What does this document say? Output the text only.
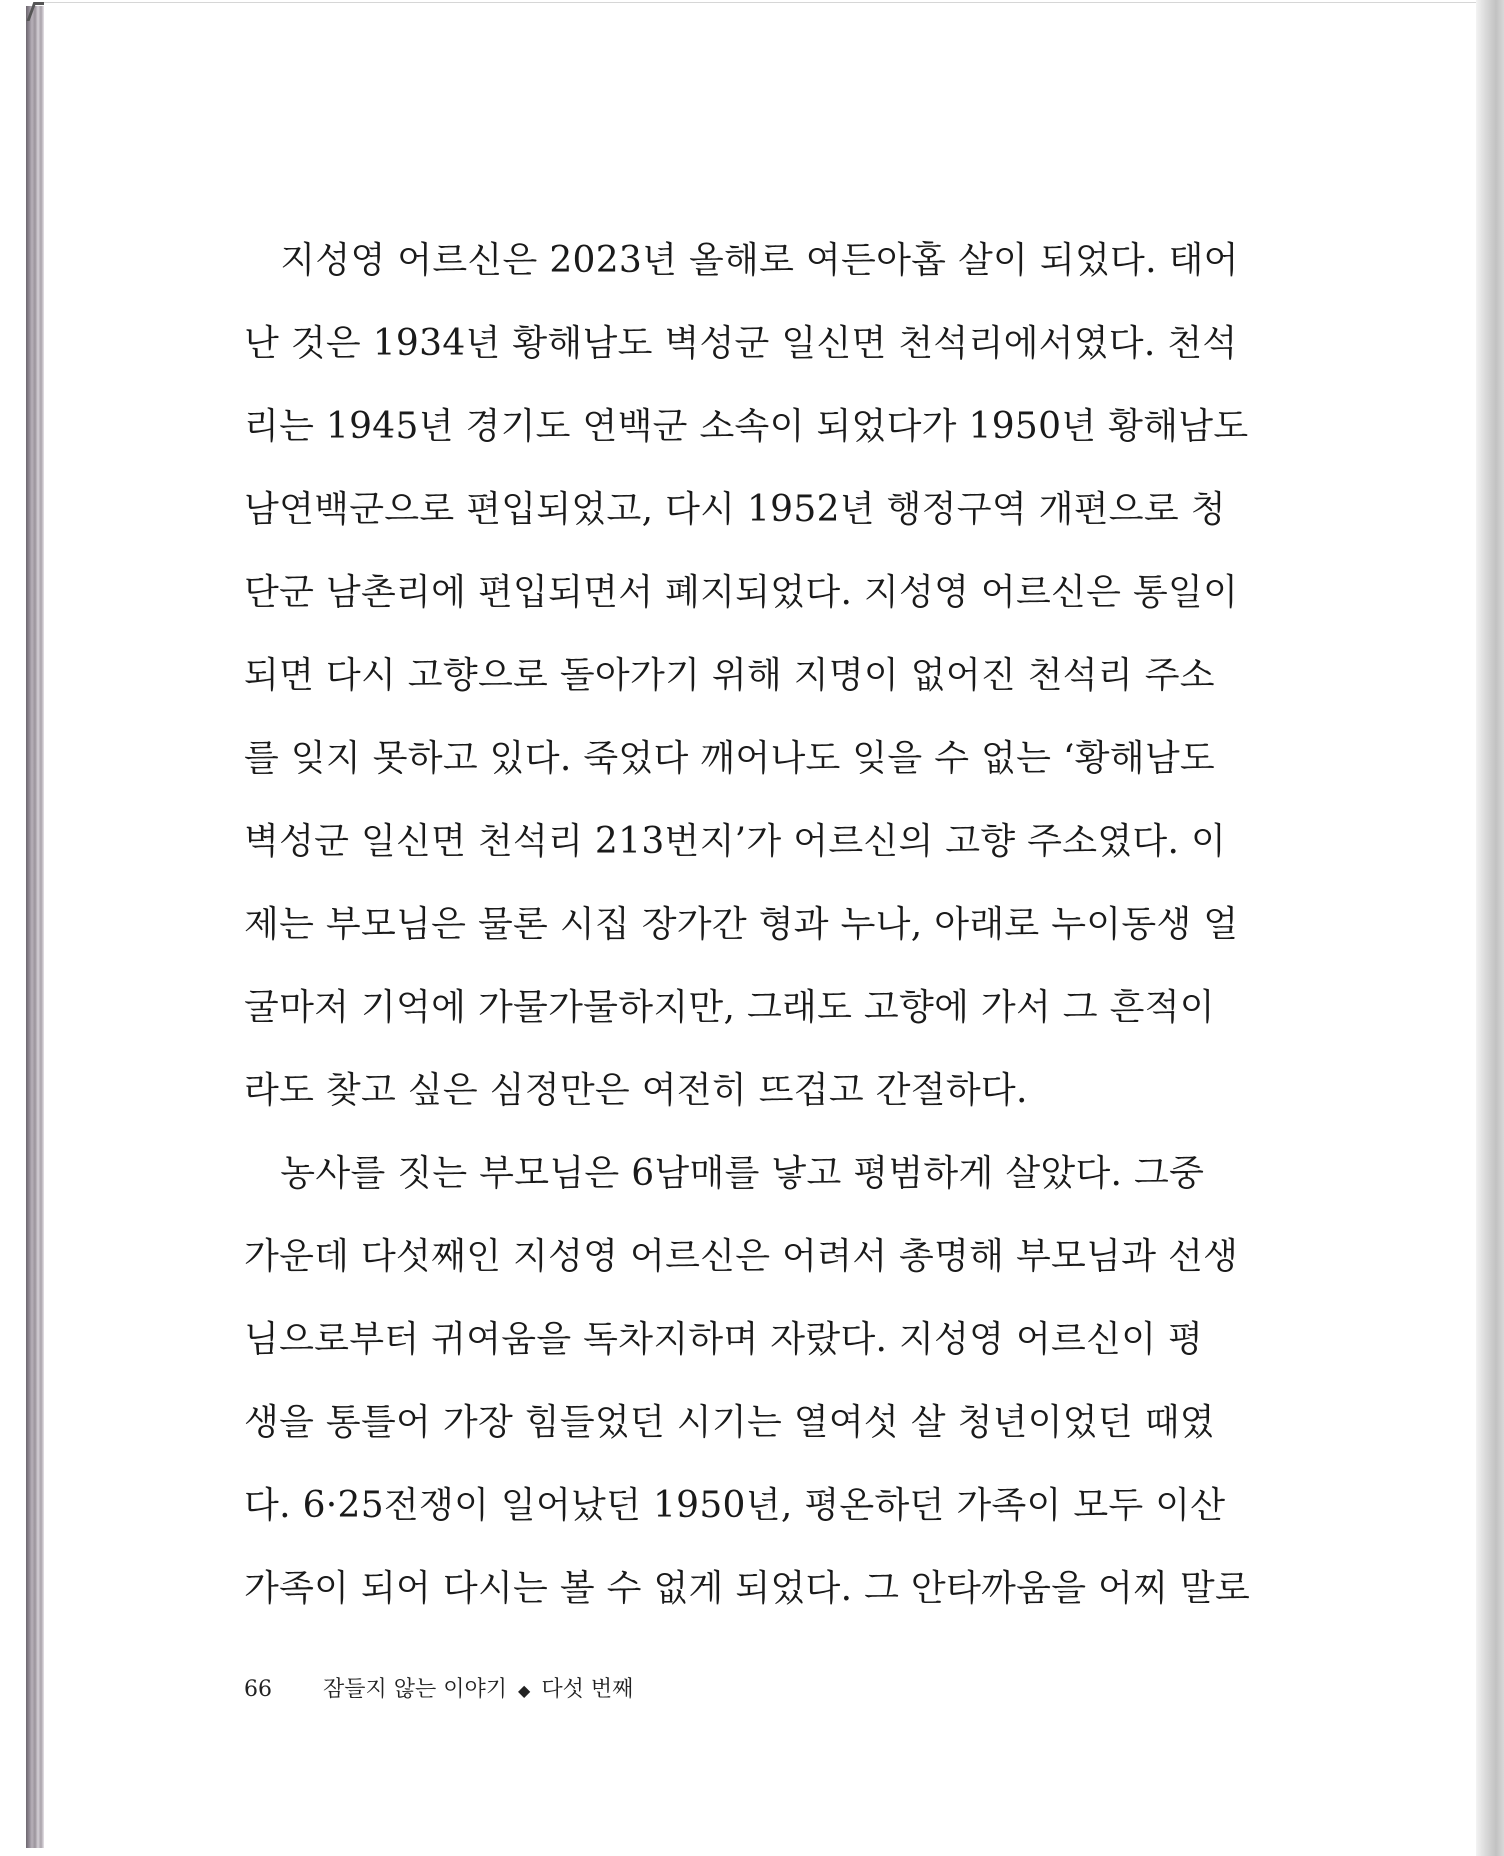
　지성영 어르신은 2023년 올해로 여든아홉 살이 되었다. 태어
난 것은 1934년 황해남도 벽성군 일신면 천석리에서였다. 천석
리는 1945년 경기도 연백군 소속이 되었다가 1950년 황해남도
남연백군으로 편입되었고, 다시 1952년 행정구역 개편으로 청
단군 남촌리에 편입되면서 폐지되었다. 지성영 어르신은 통일이
되면 다시 고향으로 돌아가기 위해 지명이 없어진 천석리 주소
를 잊지 못하고 있다. 죽었다 깨어나도 잊을 수 없는 ‘황해남도
벽성군 일신면 천석리 213번지’가 어르신의 고향 주소였다. 이
제는 부모님은 물론 시집 장가간 형과 누나, 아래로 누이동생 얼
굴마저 기억에 가물가물하지만, 그래도 고향에 가서 그 흔적이
라도 찾고 싶은 심정만은 여전히 뜨겁고 간절하다.
　농사를 짓는 부모님은 6남매를 낳고 평범하게 살았다. 그중
가운데 다섯째인 지성영 어르신은 어려서 총명해 부모님과 선생
님으로부터 귀여움을 독차지하며 자랐다. 지성영 어르신이 평
생을 통틀어 가장 힘들었던 시기는 열여섯 살 청년이었던 때였
다. 6·25전쟁이 일어났던 1950년, 평온하던 가족이 모두 이산
가족이 되어 다시는 볼 수 없게 되었다. 그 안타까움을 어찌 말로
66 잠들지 않는 이야기 ◆ 다섯 번째
